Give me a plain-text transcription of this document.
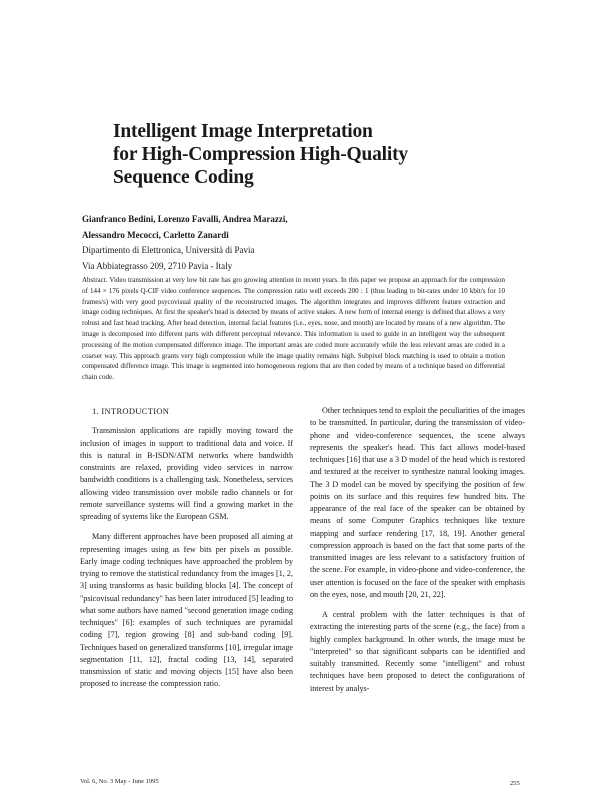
Intelligent Image Interpretation
for High-Compression High-Quality
Sequence Coding
Gianfranco Bedini, Lorenzo Favalli, Andrea Marazzi,
Alessandro Mecocci, Carletto Zanardi
Dipartimento di Elettronica, Università di Pavia
Via Abbiategrasso 209, 2710 Pavia - Italy
Abstract. Video transmission at very low bit rate has gro growing attention in recent years. In this paper we propose an approach for the compression of 144 × 176 pixels Q-CIF video conference sequences. The compression ratio well exceeds 200 : 1 (thus leading to bit-rates under 10 kbit/s for 10 frames/s) with very good psycovisual quality of the reconstructed images. The algorithm integrates and improves different feature extraction and image coding techniques. At first the speaker's head is detected by means of active snakes. A new form of internal energy is defined that allows a very robust and fast head tracking. After head detection, internal facial features (i.e., eyes, nose, and mouth) are located by means of a new algorithm. The image is decomposed into different parts with different perceptual relevance. This information is used to guide in an intelligent way the subsequent processing of the motion compensated difference image. The important areas are coded more accurately while the less relevant areas are coded in a coarser way. This approach grants very high compression while the image quality remains high. Subpixel block matching is used to obtain a motion compensated difference image. This image is segmented into homogeneous regions that are then coded by means of a technique based on differential chain code.

1. INTRODUCTION

Transmission applications are rapidly moving toward the inclusion of images in support to traditional data and voice. If this is natural in B-ISDN/ATM networks where bandwidth constraints are relaxed, providing video services in narrow bandwidth conditions is a challenging task. Nonetheless, services allowing video transmission over mobile radio channels or for remote surveillance systems will find a growing market in the spreading of systems like the European GSM.

Many different approaches have been proposed all aiming at representing images using as few bits per pixels as possible. Early image coding techniques have approached the problem by trying to remove the statistical redundancy from the images [1, 2, 3] using transforms as basic building blocks [4]. The concept of "psicovisual redundancy" has been later introduced [5] leading to what some authors have named "second generation image coding techniques" [6]: examples of such techniques are pyramidal coding [7], region growing [8] and sub-band coding [9]. Techniques based on generalized transforms [10], irregular image segmentation [11, 12], fractal coding [13, 14], separated transmission of static and moving objects [15] have also been proposed to increase the compression ratio.

Other techniques tend to exploit the peculiarities of the images to be transmitted. In particular, during the transmission of video-phone and video-conference sequences, the scene always represents the speaker's head. This fact allows model-based techniques [16] that use a 3 D model of the head which is restored and textured at the receiver to synthesize natural looking images. The 3 D model can be moved by specifying the position of few points on its surface and this requires few hundred bits. The appearance of the real face of the speaker can be obtained by means of some Computer Graphics techniques like texture mapping and surface rendering [17, 18, 19]. Another general compression approach is based on the fact that some parts of the transmitted images are less relevant to a satisfactory fruition of the scene. For example, in video-phone and video-conference, the user attention is focused on the face of the speaker with emphasis on the eyes, nose, and mouth [20, 21, 22].

A central problem with the latter techniques is that of extracting the interesting parts of the scene (e.g., the face) from a highly complex background. In other words, the image must be "interpreted" so that significant subparts can be identified and suitably transmitted. Recently some "intelligent" and robust techniques have been proposed to detect the configurations of interest by analys-

Vol. 6, No. 3 May - June 1995	255
